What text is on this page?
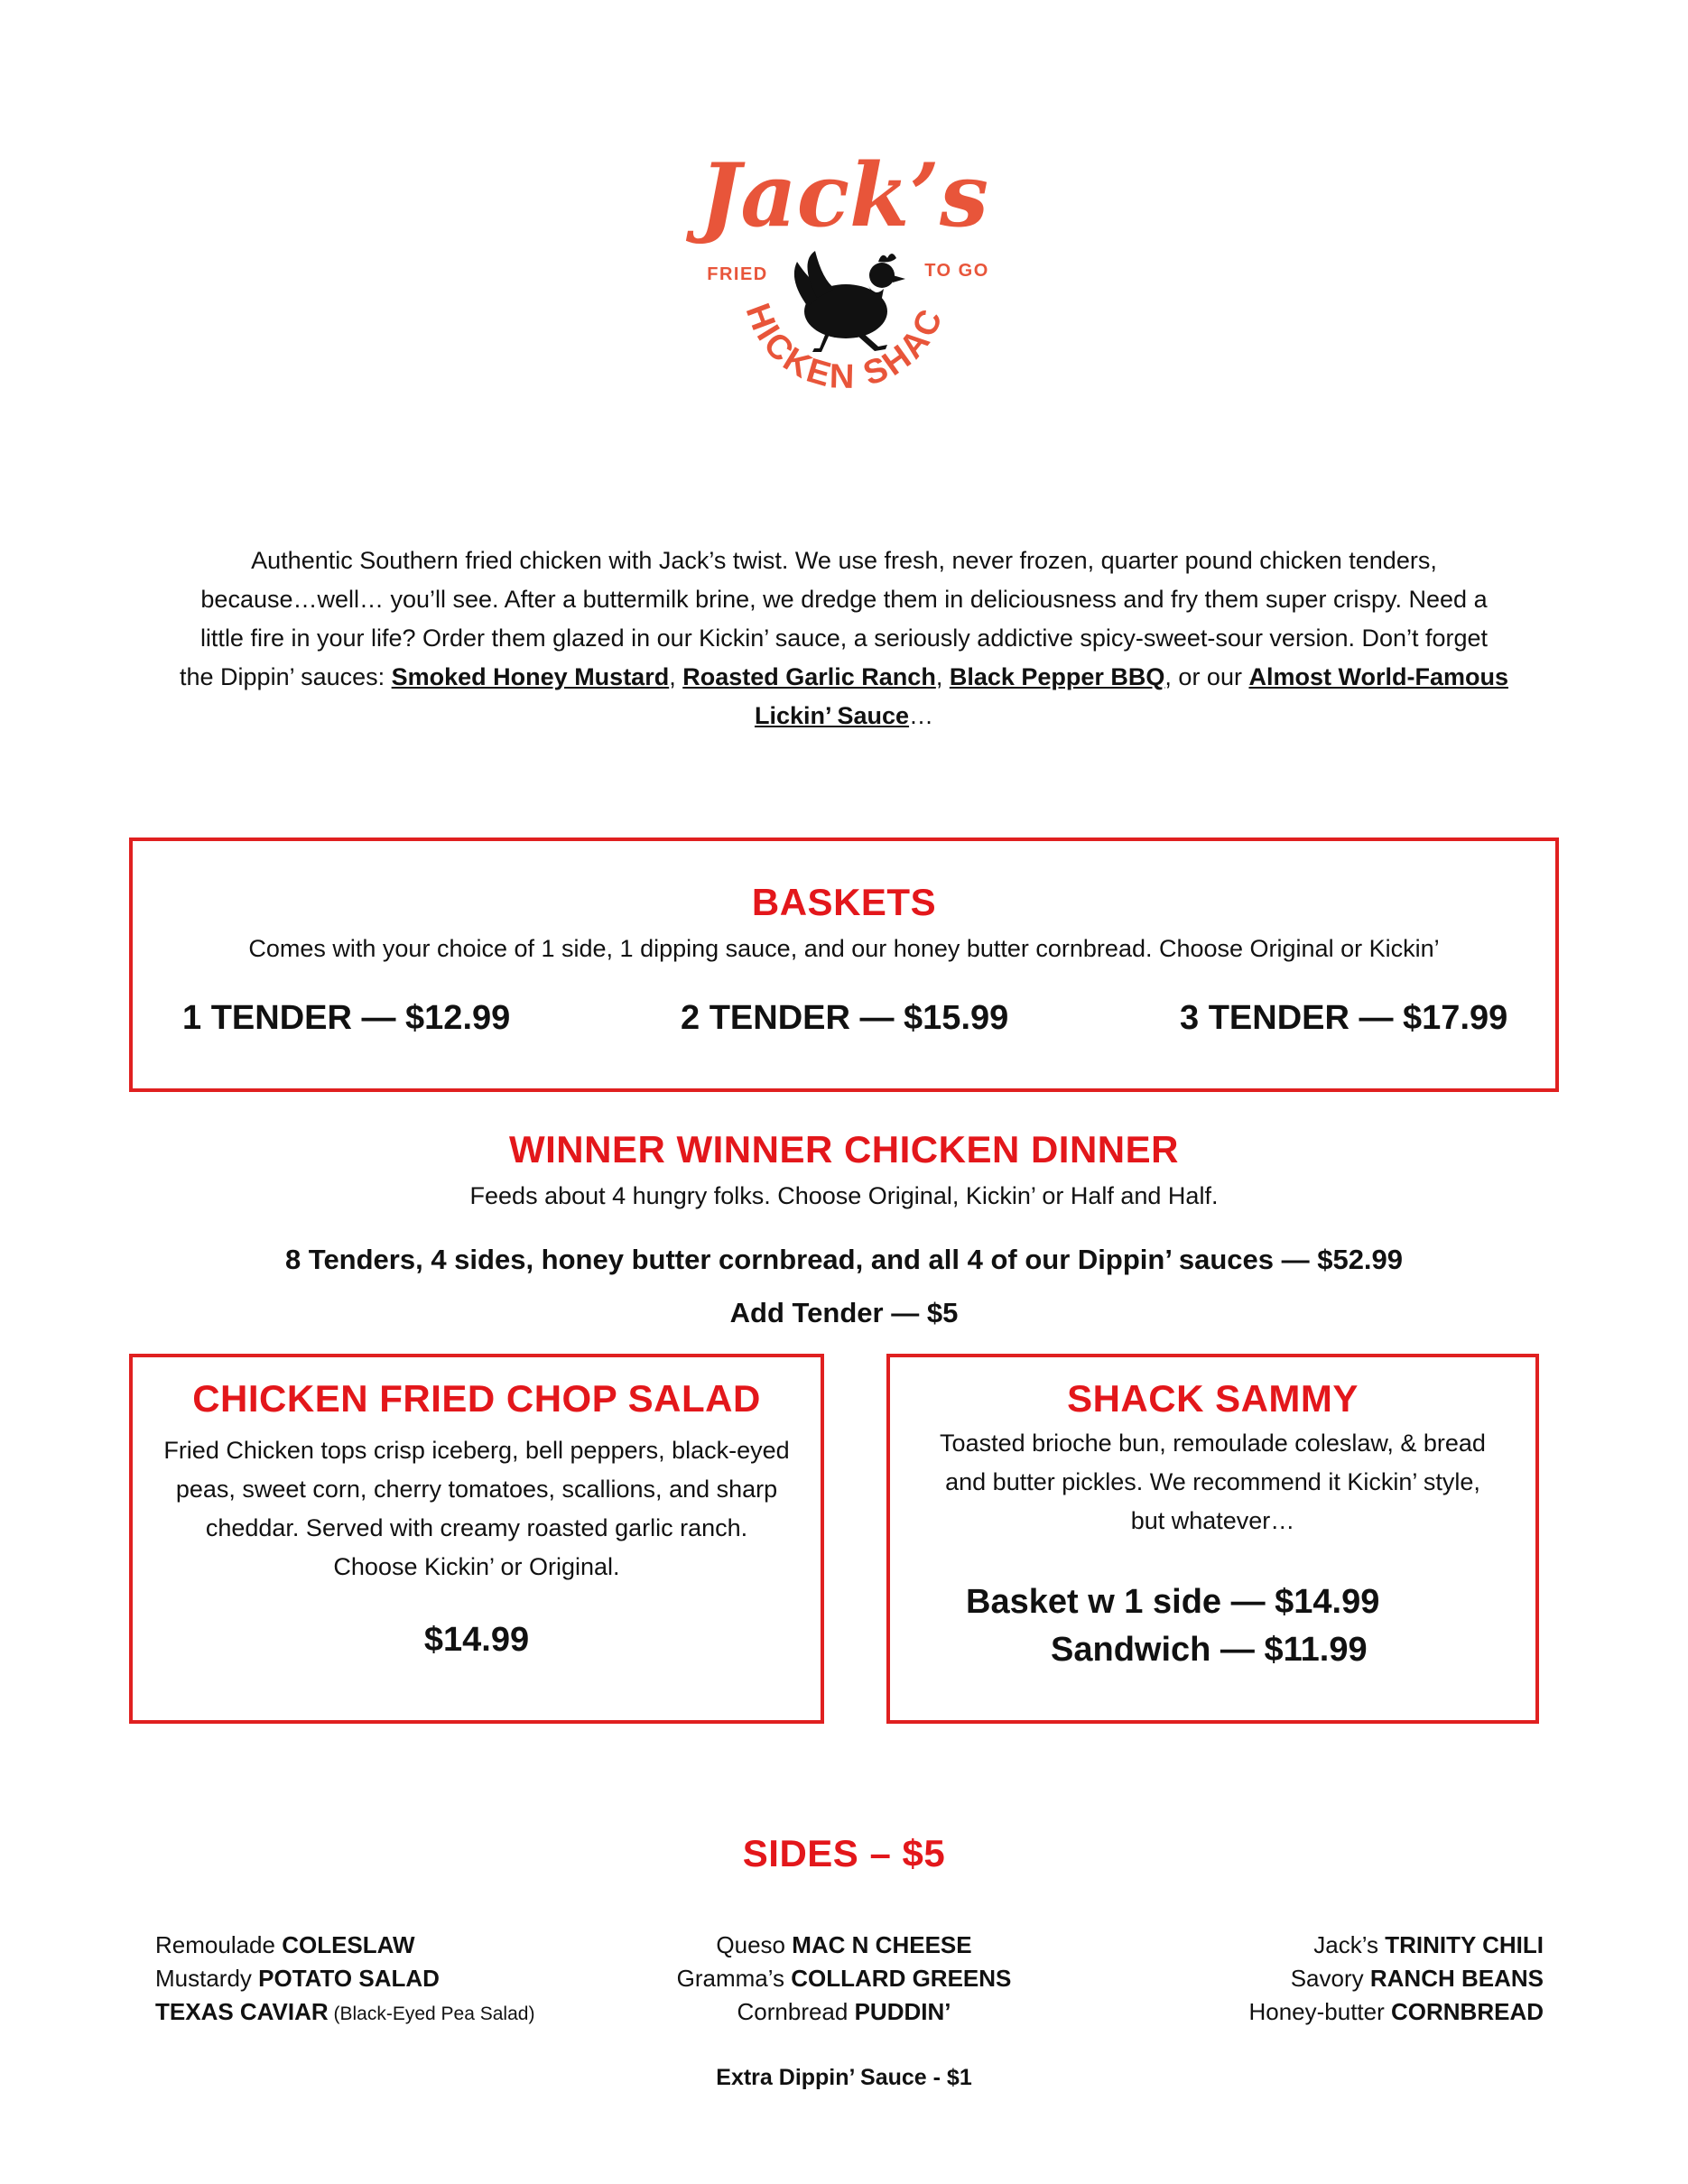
Jack’s
FRIED	TO GO
HICKEN SHAC
Authentic Southern fried chicken with Jack’s twist. We use fresh, never frozen, quarter pound chicken tenders,
because…well… you’ll see. After a buttermilk brine, we dredge them in deliciousness and fry them super crispy. Need a
little fire in your life? Order them glazed in our Kickin’ sauce, a seriously addictive spicy-sweet-sour version. Don’t forget
the Dippin’ sauces: Smoked Honey Mustard, Roasted Garlic Ranch, Black Pepper BBQ, or our Almost World-Famous
Lickin’ Sauce…
BASKETS
Comes with your choice of 1 side, 1 dipping sauce, and our honey butter cornbread. Choose Original or Kickin’
1 TENDER — $12.99	2 TENDER — $15.99	3 TENDER — $17.99
WINNER WINNER CHICKEN DINNER
Feeds about 4 hungry folks. Choose Original, Kickin’ or Half and Half.
8 Tenders, 4 sides, honey butter cornbread, and all 4 of our Dippin’ sauces — $52.99
Add Tender — $5
CHICKEN FRIED CHOP SALAD
Fried Chicken tops crisp iceberg, bell peppers, black-eyed
peas, sweet corn, cherry tomatoes, scallions, and sharp
cheddar. Served with creamy roasted garlic ranch.
Choose Kickin’ or Original.
$14.99
SHACK SAMMY
Toasted brioche bun, remoulade coleslaw, & bread
and butter pickles. We recommend it Kickin’ style,
but whatever…
Basket w 1 side — $14.99
Sandwich — $11.99
SIDES – $5
Remoulade COLESLAW
Mustardy POTATO SALAD
TEXAS CAVIAR (Black-Eyed Pea Salad)
Queso MAC N CHEESE
Gramma’s COLLARD GREENS
Cornbread PUDDIN’
Jack’s TRINITY CHILI
Savory RANCH BEANS
Honey-butter CORNBREAD
Extra Dippin’ Sauce - $1
